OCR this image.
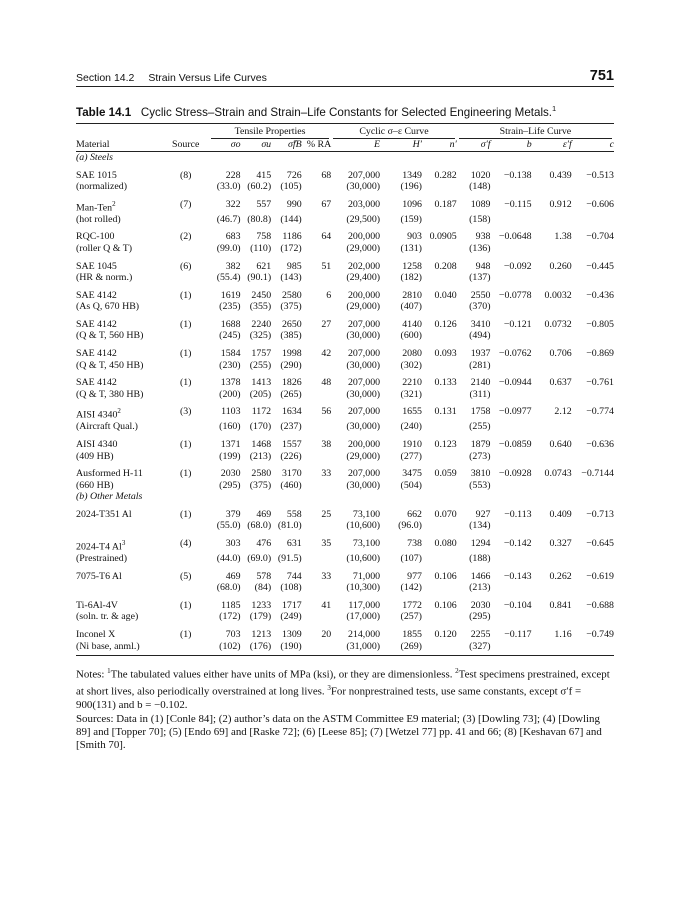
Section 14.2 Strain Versus Life Curves	751
Table 14.1 Cyclic Stress–Strain and Strain–Life Constants for Selected Engineering Metals.$^1$
		Tensile Properties				Cyclic σ–ε Curve			Strain–Life Curve			

Material	Source	σo	σu	σ̃fB	% RA	E	H′	n′	σ′f	b	ε′f	c
(a) Steels												
SAE 1015	(8)	228	415	726	68	207,000	1349	0.282	1020	−0.138	0.439	−0.513
(normalized)		(33.0)	(60.2)	(105)		(30,000)	(196)		(148)			
Man-Ten$^2$	(7)	322	557	990	67	203,000	1096	0.187	1089	−0.115	0.912	−0.606
(hot rolled)		(46.7)	(80.8)	(144)		(29,500)	(159)		(158)			
RQC-100	(2)	683	758	1186	64	200,000	903	0.0905	938	−0.0648	1.38	−0.704
(roller Q & T)		(99.0)	(110)	(172)		(29,000)	(131)		(136)			
SAE 1045	(6)	382	621	985	51	202,000	1258	0.208	948	−0.092	0.260	−0.445
(HR & norm.)		(55.4)	(90.1)	(143)		(29,400)	(182)		(137)			
SAE 4142	(1)	1619	2450	2580	6	200,000	2810	0.040	2550	−0.0778	0.0032	−0.436
(As Q, 670 HB)		(235)	(355)	(375)		(29,000)	(407)		(370)			
SAE 4142	(1)	1688	2240	2650	27	207,000	4140	0.126	3410	−0.121	0.0732	−0.805
(Q & T, 560 HB)		(245)	(325)	(385)		(30,000)	(600)		(494)			
SAE 4142	(1)	1584	1757	1998	42	207,000	2080	0.093	1937	−0.0762	0.706	−0.869
(Q & T, 450 HB)		(230)	(255)	(290)		(30,000)	(302)		(281)			
SAE 4142	(1)	1378	1413	1826	48	207,000	2210	0.133	2140	−0.0944	0.637	−0.761
(Q & T, 380 HB)		(200)	(205)	(265)		(30,000)	(321)		(311)			
AISI 4340$^2$	(3)	1103	1172	1634	56	207,000	1655	0.131	1758	−0.0977	2.12	−0.774
(Aircraft Qual.)		(160)	(170)	(237)		(30,000)	(240)		(255)			
AISI 4340	(1)	1371	1468	1557	38	200,000	1910	0.123	1879	−0.0859	0.640	−0.636
(409 HB)		(199)	(213)	(226)		(29,000)	(277)		(273)			
Ausformed H-11	(1)	2030	2580	3170	33	207,000	3475	0.059	3810	−0.0928	0.0743	−0.7144
(660 HB)		(295)	(375)	(460)		(30,000)	(504)		(553)			
(b) Other Metals												
2024-T351 Al	(1)	379	469	558	25	73,100	662	0.070	927	−0.113	0.409	−0.713
		(55.0)	(68.0)	(81.0)		(10,600)	(96.0)		(134)			
2024-T4 Al$^3$	(4)	303	476	631	35	73,100	738	0.080	1294	−0.142	0.327	−0.645
(Prestrained)		(44.0)	(69.0)	(91.5)		(10,600)	(107)		(188)			
7075-T6 Al	(5)	469	578	744	33	71,000	977	0.106	1466	−0.143	0.262	−0.619
		(68.0)	(84)	(108)		(10,300)	(142)		(213)			
Ti-6Al-4V	(1)	1185	1233	1717	41	117,000	1772	0.106	2030	−0.104	0.841	−0.688
(soln. tr. & age)		(172)	(179)	(249)		(17,000)	(257)		(295)			
Inconel X	(1)	703	1213	1309	20	214,000	1855	0.120	2255	−0.117	1.16	−0.749
(Ni base, anml.)		(102)	(176)	(190)		(31,000)	(269)		(327)			

Notes: $^1$The tabulated values either have units of MPa (ksi), or they are dimensionless. $^2$Test specimens prestrained, except at short lives, also periodically overstrained at long lives. $^3$For nonprestrained tests, use same constants, except σ′f = 900(131) and b = −0.102.

Sources: Data in (1) [Conle 84]; (2) author’s data on the ASTM Committee E9 material; (3) [Dowling 73]; (4) [Dowling 89] and [Topper 70]; (5) [Endo 69] and [Raske 72]; (6) [Leese 85]; (7) [Wetzel 77] pp. 41 and 66; (8) [Keshavan 67] and [Smith 70].
